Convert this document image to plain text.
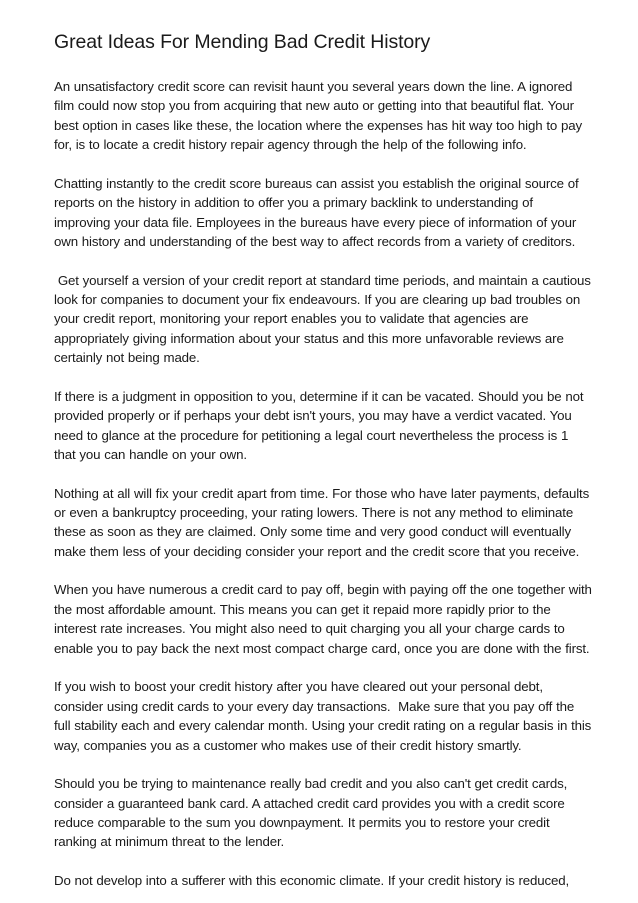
Great Ideas For Mending Bad Credit History

An unsatisfactory credit score can revisit haunt you several years down the line. A ignored
film could now stop you from acquiring that new auto or getting into that beautiful flat. Your
best option in cases like these, the location where the expenses has hit way too high to pay
for, is to locate a credit history repair agency through the help of the following info.

Chatting instantly to the credit score bureaus can assist you establish the original source of
reports on the history in addition to offer you a primary backlink to understanding of
improving your data file. Employees in the bureaus have every piece of information of your
own history and understanding of the best way to affect records from a variety of creditors.

Get yourself a version of your credit report at standard time periods, and maintain a cautious
look for companies to document your fix endeavours. If you are clearing up bad troubles on
your credit report, monitoring your report enables you to validate that agencies are
appropriately giving information about your status and this more unfavorable reviews are
certainly not being made.

If there is a judgment in opposition to you, determine if it can be vacated. Should you be not
provided properly or if perhaps your debt isn't yours, you may have a verdict vacated. You
need to glance at the procedure for petitioning a legal court nevertheless the process is 1
that you can handle on your own.

Nothing at all will fix your credit apart from time. For those who have later payments, defaults
or even a bankruptcy proceeding, your rating lowers. There is not any method to eliminate
these as soon as they are claimed. Only some time and very good conduct will eventually
make them less of your deciding consider your report and the credit score that you receive.

When you have numerous a credit card to pay off, begin with paying off the one together with
the most affordable amount. This means you can get it repaid more rapidly prior to the
interest rate increases. You might also need to quit charging you all your charge cards to
enable you to pay back the next most compact charge card, once you are done with the first.

If you wish to boost your credit history after you have cleared out your personal debt,
consider using credit cards to your every day transactions.  Make sure that you pay off the
full stability each and every calendar month. Using your credit rating on a regular basis in this
way, companies you as a customer who makes use of their credit history smartly.

Should you be trying to maintenance really bad credit and you also can't get credit cards,
consider a guaranteed bank card. A attached credit card provides you with a credit score
reduce comparable to the sum you downpayment. It permits you to restore your credit
ranking at minimum threat to the lender.

Do not develop into a sufferer with this economic climate. If your credit history is reduced,
